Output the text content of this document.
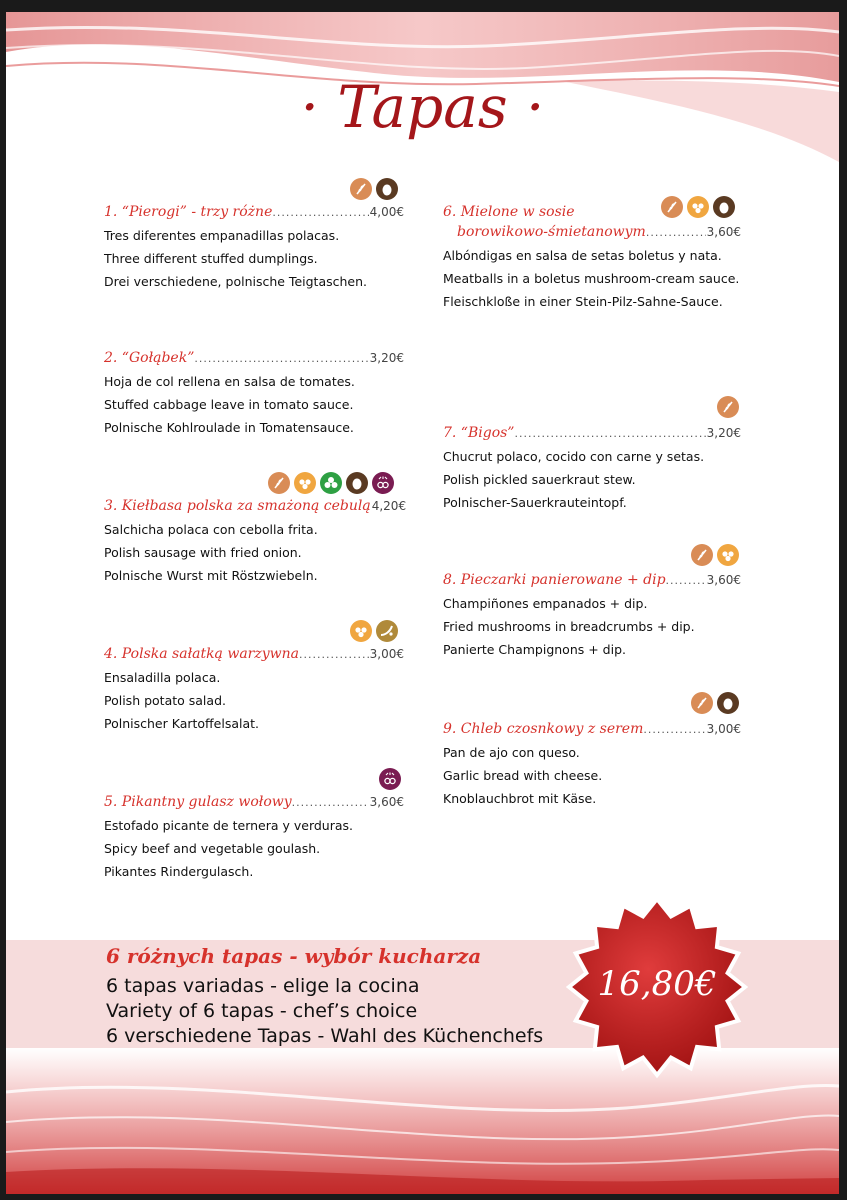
· Tapas ·
1. “Pierogi” - trzy różne .....	4,00€
Tres diferentes empanadillas polacas.
Three different stuffed dumplings.
Drei verschiedene, polnische Teigtaschen.
2. “Gołąbek” .....	3,20€
Hoja de col rellena en salsa de tomates.
Stuffed cabbage leave in tomato sauce.
Polnische Kohlroulade in Tomatensauce.
3. Kiełbasa polska za smażoną cebulą 4,20€
Salchicha polaca con cebolla frita.
Polish sausage with fried onion.
Polnische Wurst mit Röstzwiebeln.
4. Polska sałatką warzywna .....	3,00€
Ensaladilla polaca.
Polish potato salad.
Polnischer Kartoffelsalat.
5. Pikantny gulasz wołowy .....	3,60€
Estofado picante de ternera y verduras.
Spicy beef and vegetable goulash.
Pikantes Rindergulasch.
6. Mielone w sosie
borowikowo-śmietanowym .....	3,60€
Albóndigas en salsa de setas boletus y nata.
Meatballs in a boletus mushroom-cream sauce.
Fleischkloße in einer Stein-Pilz-Sahne-Sauce.
7. “Bigos” .....	3,20€
Chucrut polaco, cocido con carne y setas.
Polish pickled sauerkraut stew.
Polnischer-Sauerkrauteintopf.
8. Pieczarki panierowane + dip .....	3,60€
Champiñones empanados + dip.
Fried mushrooms in breadcrumbs + dip.
Panierte Champignons + dip.
9. Chleb czosnkowy z serem .....	3,00€
Pan de ajo con queso.
Garlic bread with cheese.
Knoblauchbrot mit Käse.
6 różnych tapas - wybór kucharza
6 tapas variadas - elige la cocina
Variety of 6 tapas - chef’s choice
6 verschiedene Tapas - Wahl des Küchenchefs
16,80€
